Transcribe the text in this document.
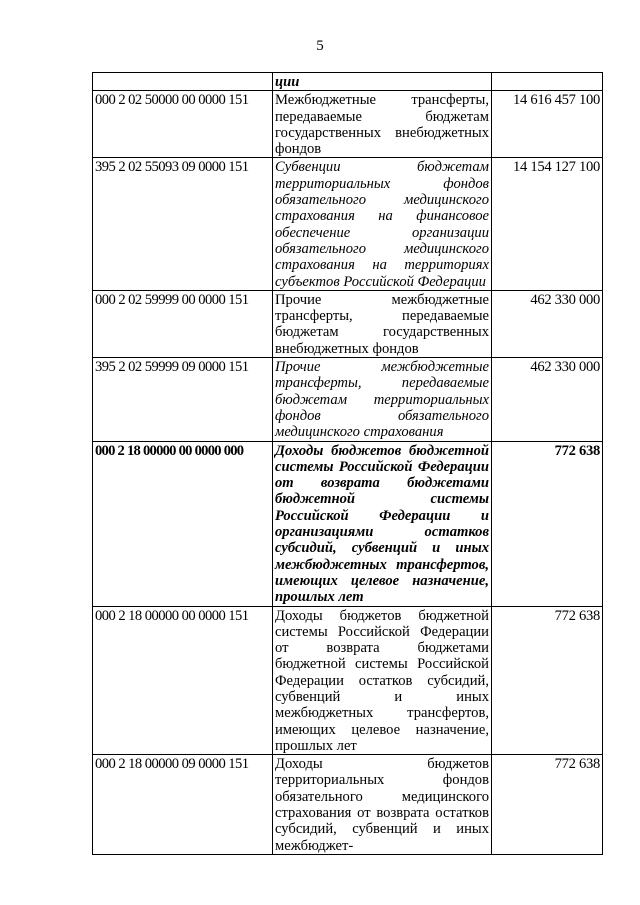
5
	ции	
000 2 02 50000 00 0000 151	Межбюджетные трансферты, передаваемые бюджетам государственных внебюджетных фондов	14 616 457 100
395 2 02 55093 09 0000 151	Субвенции бюджетам территориальных фондов обязательного медицинского страхования на финансовое обеспечение организации обязательного медицинского страхования на территориях субъектов Российской Федерации	14 154 127 100
000 2 02 59999 00 0000 151	Прочие межбюджетные трансферты, передаваемые бюджетам государственных внебюджетных фондов	462 330 000
395 2 02 59999 09 0000 151	Прочие межбюджетные трансферты, передаваемые бюджетам территориальных фондов обязательного медицинского страхования	462 330 000
000 2 18 00000 00 0000 000	Доходы бюджетов бюджетной системы Российской Федерации от возврата бюджетами бюджетной системы Российской Федерации и организациями остатков субсидий, субвенций и иных межбюджетных трансфертов, имеющих целевое назначение, прошлых лет	772 638
000 2 18 00000 00 0000 151	Доходы бюджетов бюджетной системы Российской Федерации от возврата бюджетами бюджетной системы Российской Федерации остатков субсидий, субвенций и иных межбюджетных трансфертов, имеющих целевое назначение, прошлых лет	772 638
000 2 18 00000 09 0000 151	Доходы бюджетов территориальных фондов обязательного медицинского страхования от возврата остатков субсидий, субвенций и иных межбюджет-	772 638
